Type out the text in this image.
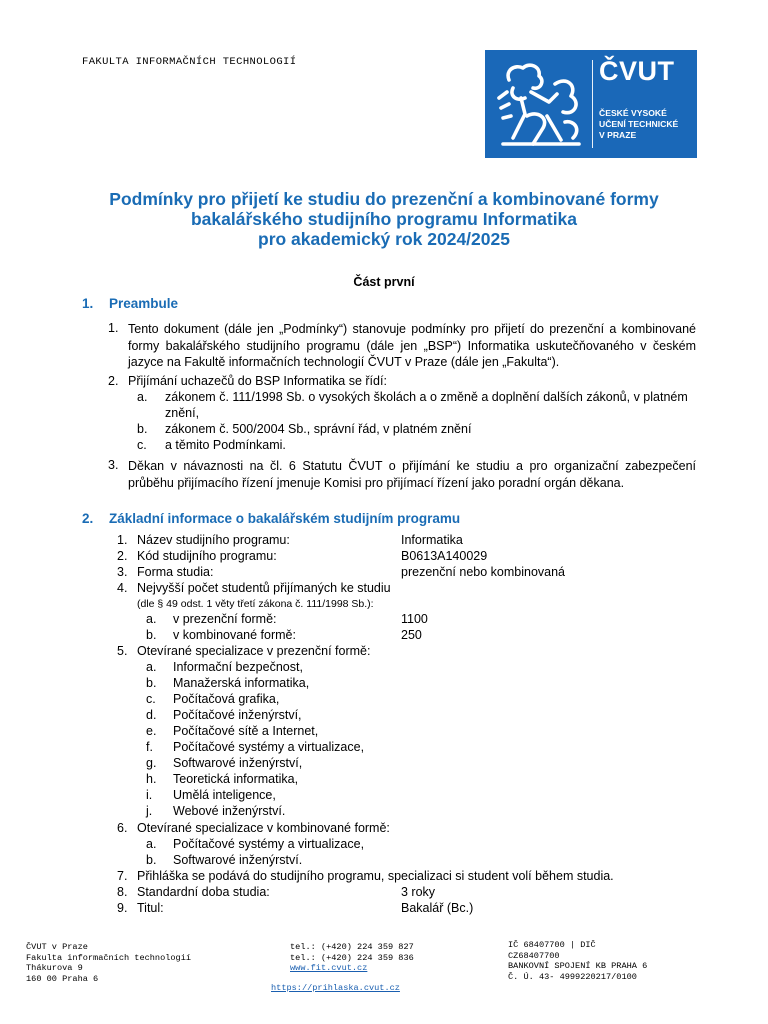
FAKULTA INFORMAČNÍCH TECHNOLOGIÍ	ČVUT
ČESKÉ VYSOKÉ
UČENÍ TECHNICKÉ
V PRAZE
Podmínky pro přijetí ke studiu do prezenční a kombinované formy
bakalářského studijního programu Informatika
pro akademický rok 2024/2025
Část první
1. Preambule
1. Tento dokument (dále jen „Podmínky“) stanovuje podmínky pro přijetí do prezenční a kombinované
formy bakalářského studijního programu (dále jen „BSP“) Informatika uskutečňovaného v českém
jazyce na Fakultě informačních technologií ČVUT v Praze (dále jen „Fakulta“).
2. Přijímání uchazečů do BSP Informatika se řídí:
a. zákonem č. 111/1998 Sb. o vysokých školách a o změně a doplnění dalších zákonů, v platném
znění,
b. zákonem č. 500/2004 Sb., správní řád, v platném znění
c. a těmito Podmínkami.
3. Děkan v návaznosti na čl. 6 Statutu ČVUT o přijímání ke studiu a pro organizační zabezpečení
průběhu přijímacího řízení jmenuje Komisi pro přijímací řízení jako poradní orgán děkana.
2. Základní informace o bakalářském studijním programu
1. Název studijního programu:	Informatika
2. Kód studijního programu:	B0613A140029
3. Forma studia:	prezenční nebo kombinovaná
4. Nejvyšší počet studentů přijímaných ke studiu
(dle § 49 odst. 1 věty třetí zákona č. 111/1998 Sb.):
a. v prezenční formě:	1100
b. v kombinované formě:	250
5. Otevírané specializace v prezenční formě:
a. Informační bezpečnost,
b. Manažerská informatika,
c. Počítačová grafika,
d. Počítačové inženýrství,
e. Počítačové sítě a Internet,
f. Počítačové systémy a virtualizace,
g. Softwarové inženýrství,
h. Teoretická informatika,
i. Umělá inteligence,
j. Webové inženýrství.
6. Otevírané specializace v kombinované formě:
a. Počítačové systémy a virtualizace,
b. Softwarové inženýrství.
7. Přihláška se podává do studijního programu, specializaci si student volí během studia.
8. Standardní doba studia:	3 roky
9. Titul:	Bakalář (Bc.)
ČVUT v Praze
Fakulta informačních technologií
Thákurova 9
160 00 Praha 6
tel.: (+420) 224 359 827
tel.: (+420) 224 359 836
www.fit.cvut.cz
IČ 68407700 | DIČ
CZ68407700
BANKOVNÍ SPOJENÍ KB PRAHA 6
Č. Ú. 43- 4999220217/0100
https://prihlaska.cvut.cz
